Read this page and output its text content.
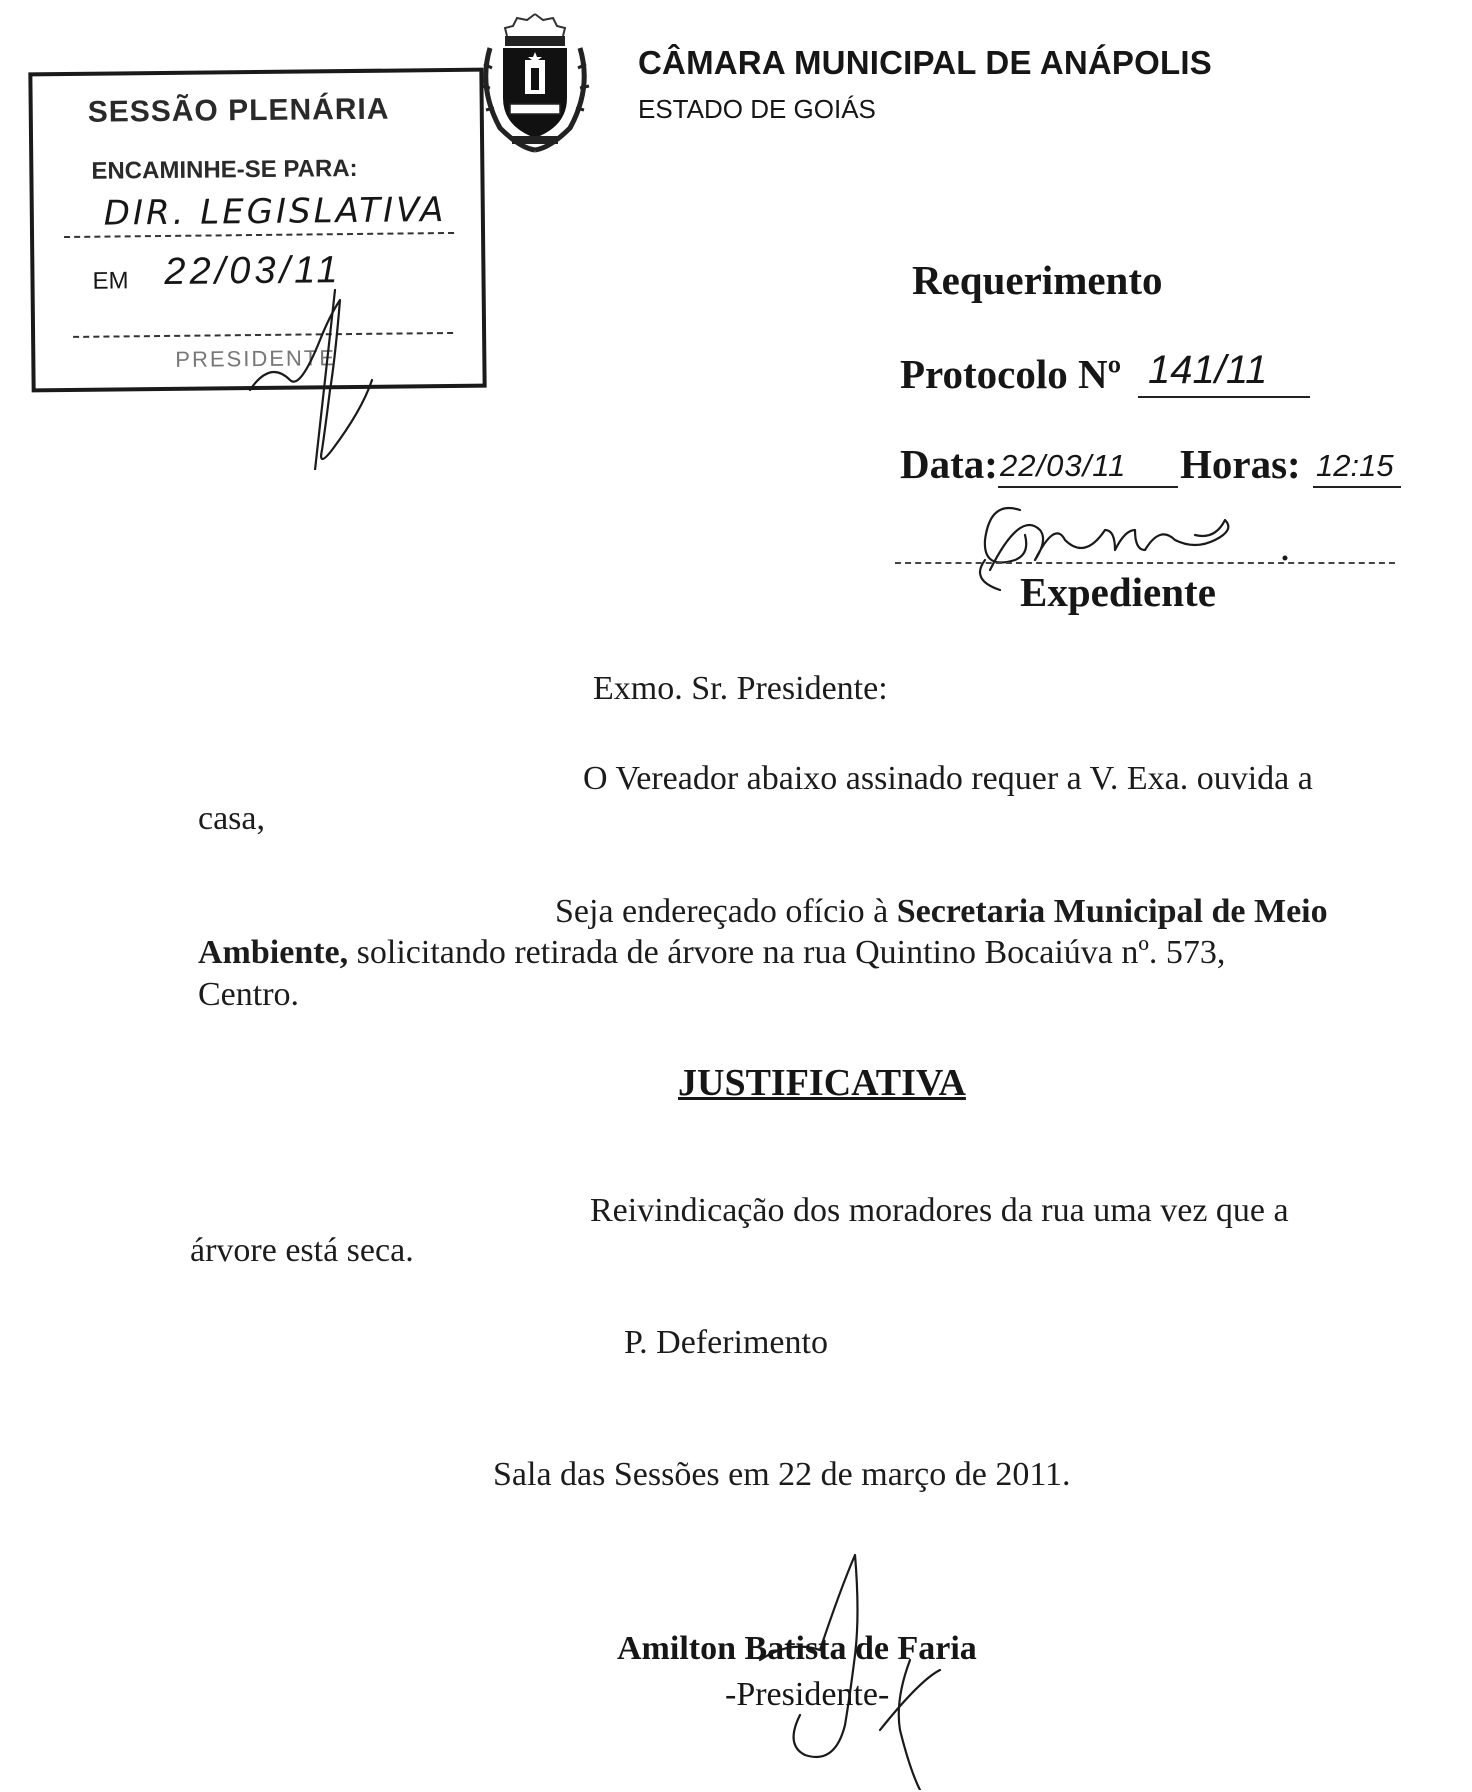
CÂMARA MUNICIPAL DE ANÁPOLIS
ESTADO DE GOIÁS
SESSÃO PLENÁRIA
ENCAMINHE-SE PARA:
DIR. LEGISLATIVA
EM 22/03/11
PRESIDENTE
Requerimento
Protocolo Nº 141/11
Data: 22/03/11 Horas: 12:15
Expediente
Exmo. Sr. Presidente:
O Vereador abaixo assinado requer a V. Exa. ouvida a
casa,
Seja endereçado ofício à Secretaria Municipal de Meio
Ambiente, solicitando retirada de árvore na rua Quintino Bocaiúva nº. 573,
Centro.
JUSTIFICATIVA
Reivindicação dos moradores da rua uma vez que a
árvore está seca.
P. Deferimento
Sala das Sessões em 22 de março de 2011.
Amilton Batista de Faria
-Presidente-
